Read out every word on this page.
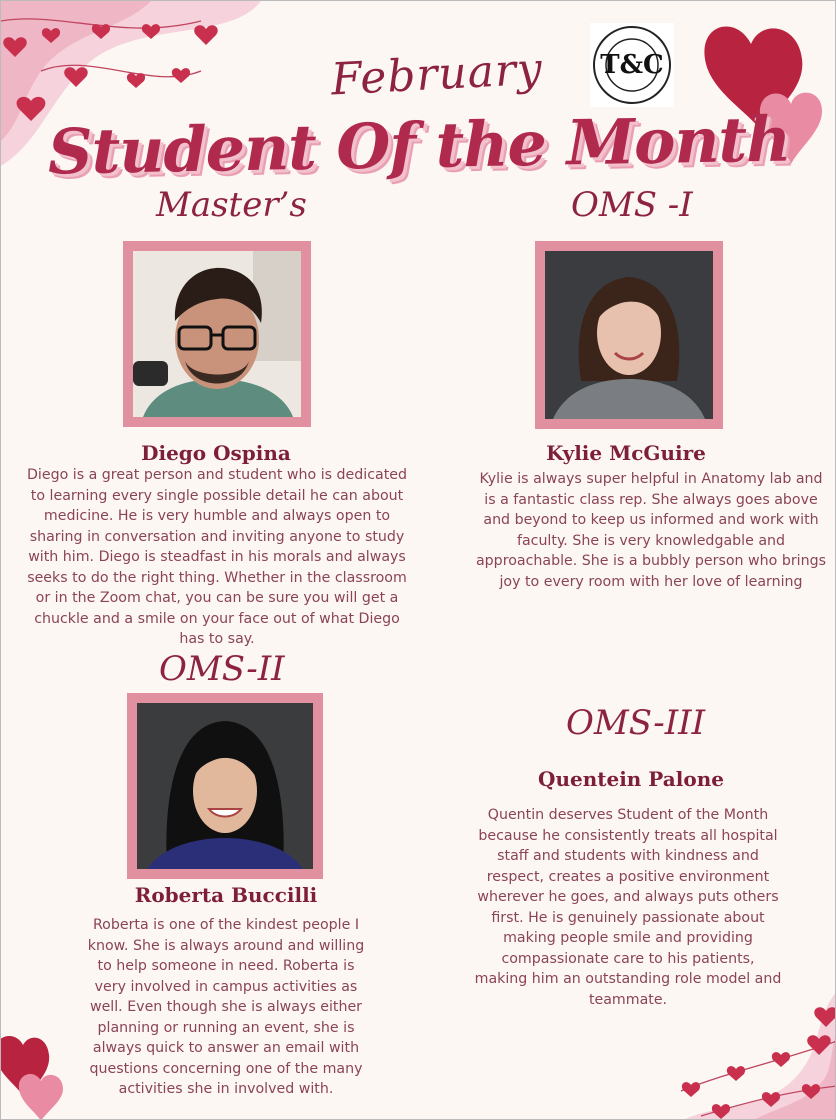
T&C
February
Student Of the Month
Master’s
Diego Ospina
Diego is a great person and student who is dedicated to learning every single possible detail he can about medicine. He is very humble and always open to sharing in conversation and inviting anyone to study with him. Diego is steadfast in his morals and always seeks to do the right thing. Whether in the classroom or in the Zoom chat, you can be sure you will get a chuckle and a smile on your face out of what Diego has to say.
OMS -I
Kylie McGuire
Kylie is always super helpful in Anatomy lab and is a fantastic class rep. She always goes above and beyond to keep us informed and work with faculty. She is very knowledgable and approachable. She is a bubbly person who brings joy to every room with her love of learning
OMS-II
Roberta Buccilli
Roberta is one of the kindest people I know. She is always around and willing to help someone in need. Roberta is very involved in campus activities as well. Even though she is always either planning or running an event, she is always quick to answer an email with questions concerning one of the many activities she in involved with.
OMS-III
Quentein Palone
Quentin deserves Student of the Month because he consistently treats all hospital staff and students with kindness and respect, creates a positive environment wherever he goes, and always puts others first. He is genuinely passionate about making people smile and providing compassionate care to his patients, making him an outstanding role model and teammate.
